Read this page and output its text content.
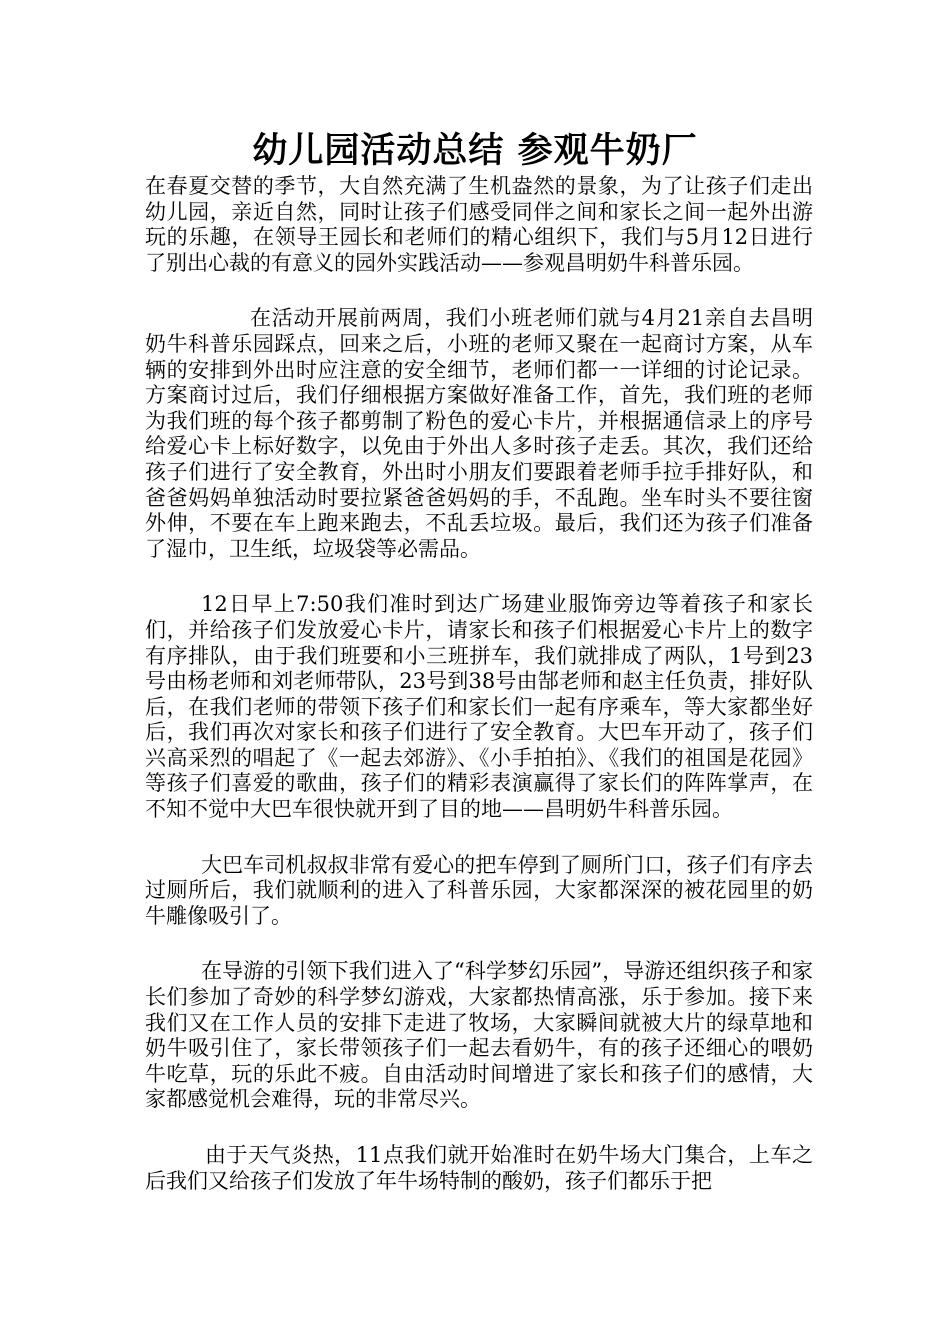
幼儿园活动总结 参观牛奶厂

在春夏交替的季节，大自然充满了生机盎然的景象，为了让孩子们走出幼儿园，亲近自然，同时让孩子们感受同伴之间和家长之间一起外出游玩的乐趣，在领导王园长和老师们的精心组织下，我们与5月12日进行了别出心裁的有意义的园外实践活动——参观昌明奶牛科普乐园。

在活动开展前两周，我们小班老师们就与4月21亲自去昌明奶牛科普乐园踩点，回来之后，小班的老师又聚在一起商讨方案，从车辆的安排到外出时应注意的安全细节，老师们都一一详细的讨论记录。方案商讨过后，我们仔细根据方案做好准备工作，首先，我们班的老师为我们班的每个孩子都剪制了粉色的爱心卡片，并根据通信录上的序号给爱心卡上标好数字，以免由于外出人多时孩子走丢。其次，我们还给孩子们进行了安全教育，外出时小朋友们要跟着老师手拉手排好队，和爸爸妈妈单独活动时要拉紧爸爸妈妈的手，不乱跑。坐车时头不要往窗外伸，不要在车上跑来跑去，不乱丢垃圾。最后，我们还为孩子们准备了湿巾，卫生纸，垃圾袋等必需品。

12日早上7:50我们准时到达广场建业服饰旁边等着孩子和家长们，并给孩子们发放爱心卡片，请家长和孩子们根据爱心卡片上的数字有序排队，由于我们班要和小三班拼车，我们就排成了两队，1号到23号由杨老师和刘老师带队，23号到38号由郜老师和赵主任负责，排好队后，在我们老师的带领下孩子们和家长们一起有序乘车，等大家都坐好后，我们再次对家长和孩子们进行了安全教育。大巴车开动了，孩子们兴高采烈的唱起了《一起去郊游》、《小手拍拍》、《我们的祖国是花园》等孩子们喜爱的歌曲，孩子们的精彩表演赢得了家长们的阵阵掌声，在不知不觉中大巴车很快就开到了目的地——昌明奶牛科普乐园。

大巴车司机叔叔非常有爱心的把车停到了厕所门口，孩子们有序去过厕所后，我们就顺利的进入了科普乐园，大家都深深的被花园里的奶牛雕像吸引了。

在导游的引领下我们进入了“科学梦幻乐园”，导游还组织孩子和家长们参加了奇妙的科学梦幻游戏，大家都热情高涨，乐于参加。接下来我们又在工作人员的安排下走进了牧场，大家瞬间就被大片的绿草地和奶牛吸引住了，家长带领孩子们一起去看奶牛，有的孩子还细心的喂奶牛吃草，玩的乐此不疲。自由活动时间增进了家长和孩子们的感情，大家都感觉机会难得，玩的非常尽兴。

由于天气炎热，11点我们就开始准时在奶牛场大门集合，上车之后我们又给孩子们发放了年牛场特制的酸奶，孩子们都乐于把
